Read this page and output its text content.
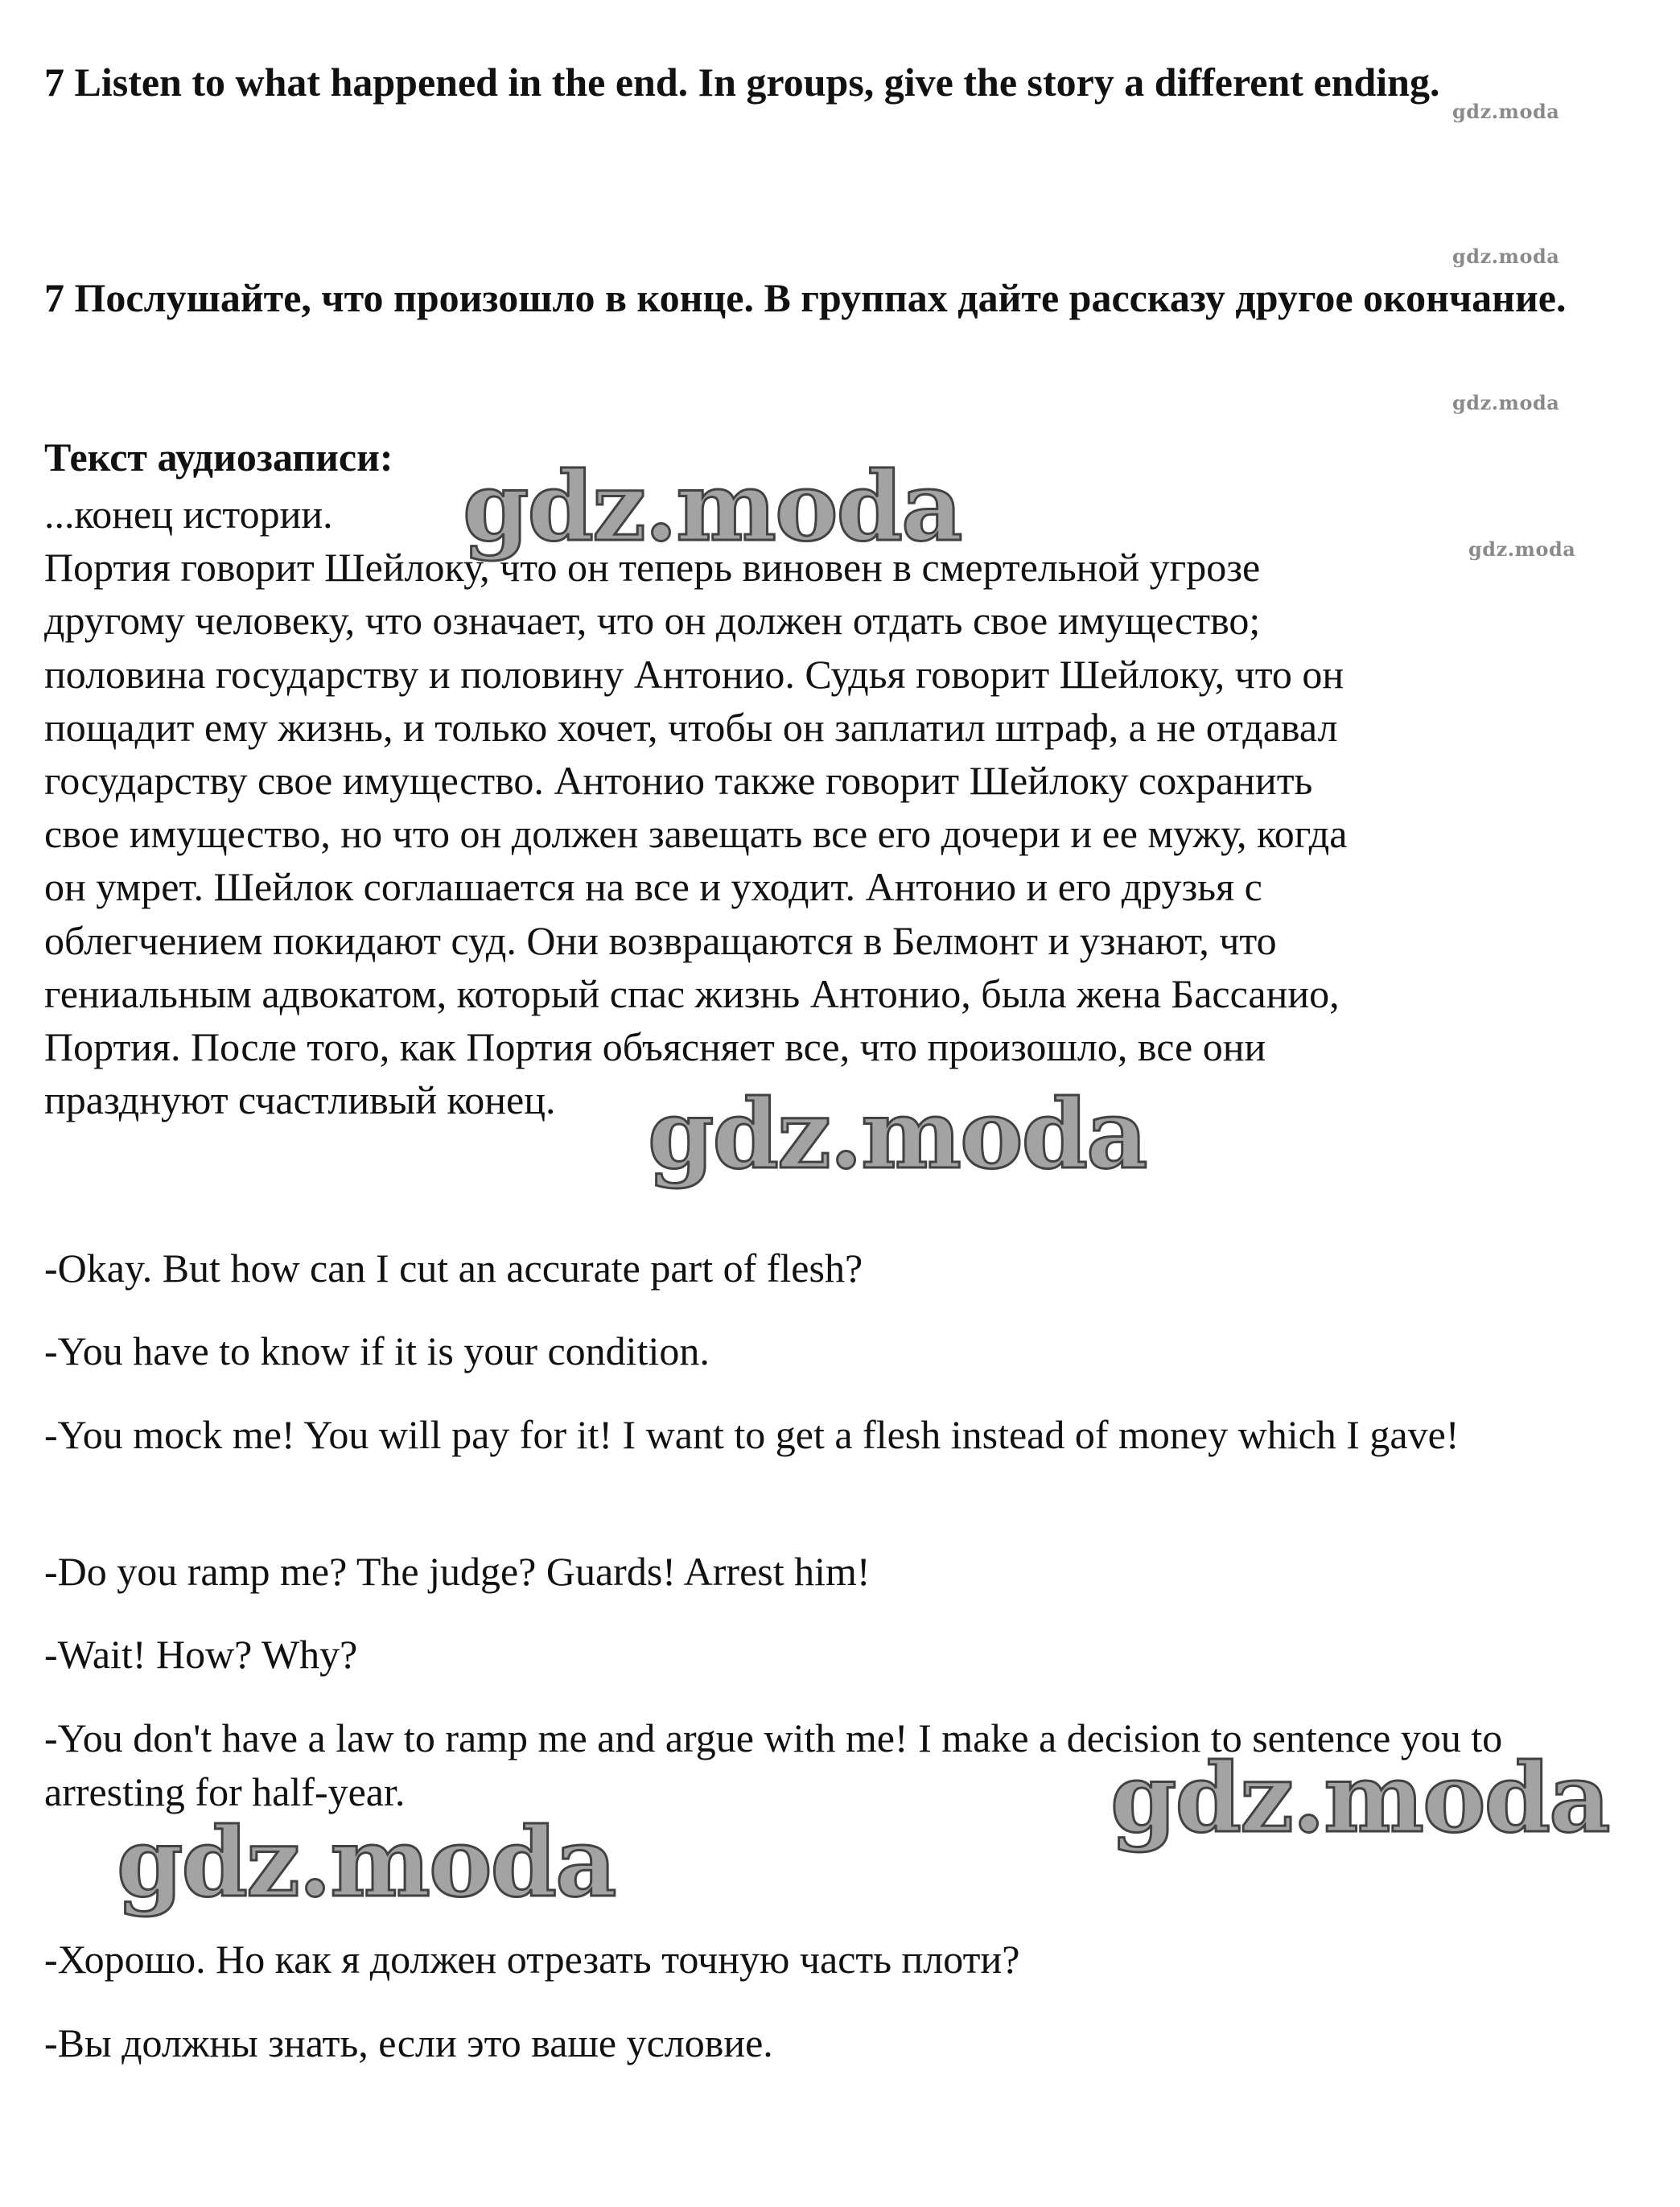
7 Listen to what happened in the end. In groups, give the story a different ending.
7 Послушайте, что произошло в конце. В группах дайте рассказу другое окончание.
Текст аудиозаписи:
...конец истории.
Портия говорит Шейлоку, что он теперь виновен в смертельной угрозе
другому человеку, что означает, что он должен отдать свое имущество;
половина государству и половину Антонио. Судья говорит Шейлоку, что он
пощадит ему жизнь, и только хочет, чтобы он заплатил штраф, а не отдавал
государству свое имущество. Антонио также говорит Шейлоку сохранить
свое имущество, но что он должен завещать все его дочери и ее мужу, когда
он умрет. Шейлок соглашается на все и уходит. Антонио и его друзья с
облегчением покидают суд. Они возвращаются в Белмонт и узнают, что
гениальным адвокатом, который спас жизнь Антонио, была жена Бассанио,
Портия. После того, как Портия объясняет все, что произошло, все они
празднуют счастливый конец.

-Okay. But how can I cut an accurate part of flesh?

-You have to know if it is your condition.

-You mock me! You will pay for it! I want to get a flesh instead of money which I gave!

-Do you ramp me? The judge? Guards! Arrest him!

-Wait! How? Why?

-You don't have a law to ramp me and argue with me! I make a decision to sentence you to arresting for half-year.

-Хорошо. Но как я должен отрезать точную часть плоти?

-Вы должны знать, если это ваше условие.

gdz.moda
gdz.moda
gdz.moda
gdz.moda
gdz.moda
gdz.moda
gdz.moda
gdz.moda
